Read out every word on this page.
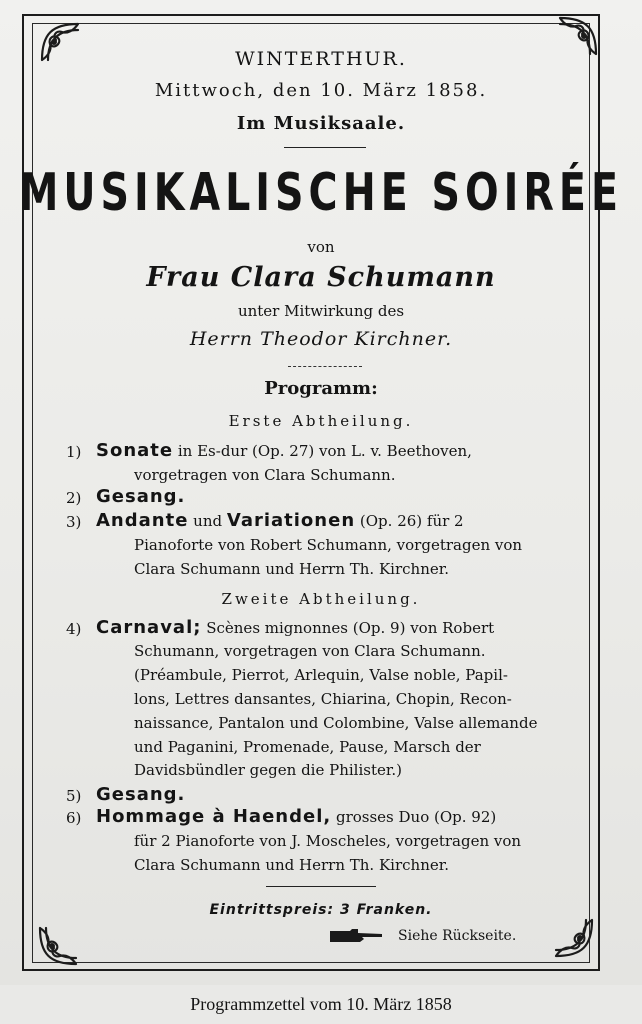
WINTERTHUR.
Mittwoch, den 10. März 1858.
Im Musiksaale.
MUSIKALISCHE SOIRÉE
von
Frau Clara Schumann
unter Mitwirkung des
Herrn Theodor Kirchner.
Programm:
Erste Abtheilung.
1) Sonate in Es-dur (Op. 27) von L. v. Beethoven,
vorgetragen von Clara Schumann.
2) Gesang.
3) Andante und Variationen (Op. 26) für 2
Pianoforte von Robert Schumann, vorgetragen von
Clara Schumann und Herrn Th. Kirchner.
Zweite Abtheilung.
4) Carnaval; Scènes mignonnes (Op. 9) von Robert
Schumann, vorgetragen von Clara Schumann.
(Préambule, Pierrot, Arlequin, Valse noble, Papil-
lons, Lettres dansantes, Chiarina, Chopin, Recon-
naissance, Pantalon und Colombine, Valse allemande
und Paganini, Promenade, Pause, Marsch der
Davidsbündler gegen die Philister.)
5) Gesang.
6) Hommage à Haendel, grosses Duo (Op. 92)
für 2 Pianoforte von J. Moscheles, vorgetragen von
Clara Schumann und Herrn Th. Kirchner.
Eintrittspreis: 3 Franken.
Siehe Rückseite.
Programmzettel vom 10. März 1858
